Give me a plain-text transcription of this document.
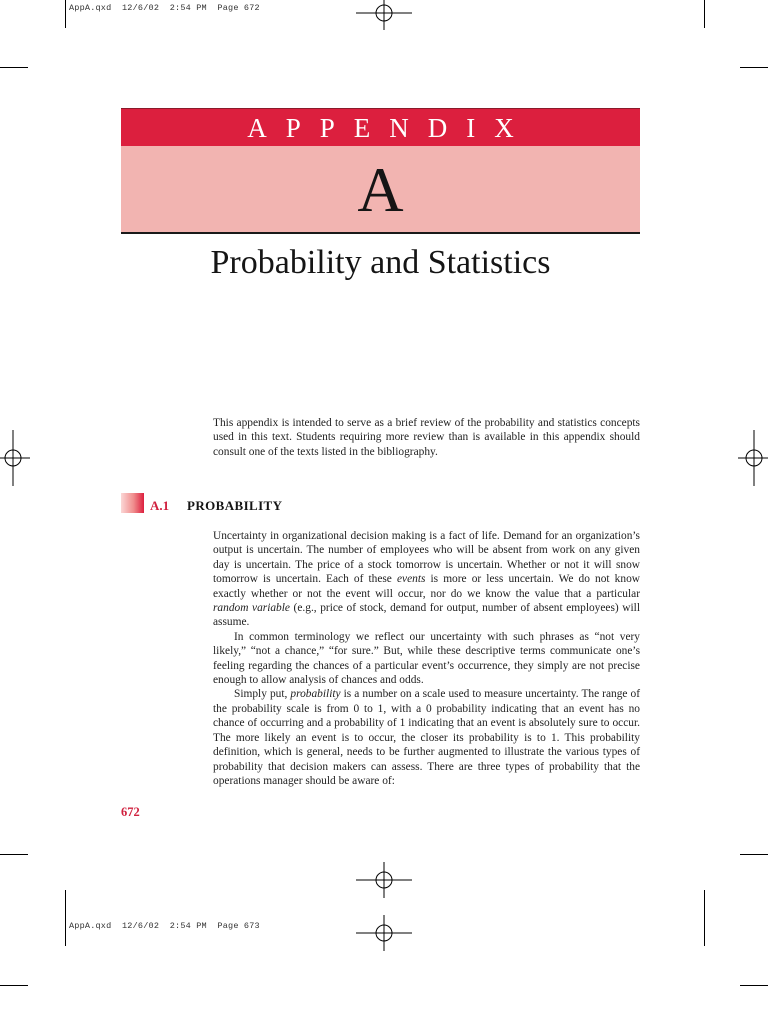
AppA.qxd  12/6/02  2:54 PM  Page 672
APPENDIX
A
Probability and Statistics

This appendix is intended to serve as a brief review of the probability and statistics concepts used in this text. Students requiring more review than is available in this appendix should consult one of the texts listed in the bibliography.

A.1 PROBABILITY

Uncertainty in organizational decision making is a fact of life. Demand for an organization’s output is uncertain. The number of employees who will be absent from work on any given day is uncertain. The price of a stock tomorrow is uncertain. Whether or not it will snow tomorrow is uncertain. Each of these events is more or less uncertain. We do not know exactly whether or not the event will occur, nor do we know the value that a particular random variable (e.g., price of stock, demand for output, number of absent employees) will assume.

In common terminology we reflect our uncertainty with such phrases as “not very likely,” “not a chance,” “for sure.” But, while these descriptive terms communicate one’s feeling regarding the chances of a particular event’s occurrence, they simply are not precise enough to allow analysis of chances and odds.

Simply put, probability is a number on a scale used to measure uncertainty. The range of the probability scale is from 0 to 1, with a 0 probability indicating that an event has no chance of occurring and a probability of 1 indicating that an event is absolutely sure to occur. The more likely an event is to occur, the closer its probability is to 1. This probability definition, which is general, needs to be further augmented to illustrate the various types of probability that decision makers can assess. There are three types of probability that the operations manager should be aware of:

672
AppA.qxd  12/6/02  2:54 PM  Page 673
